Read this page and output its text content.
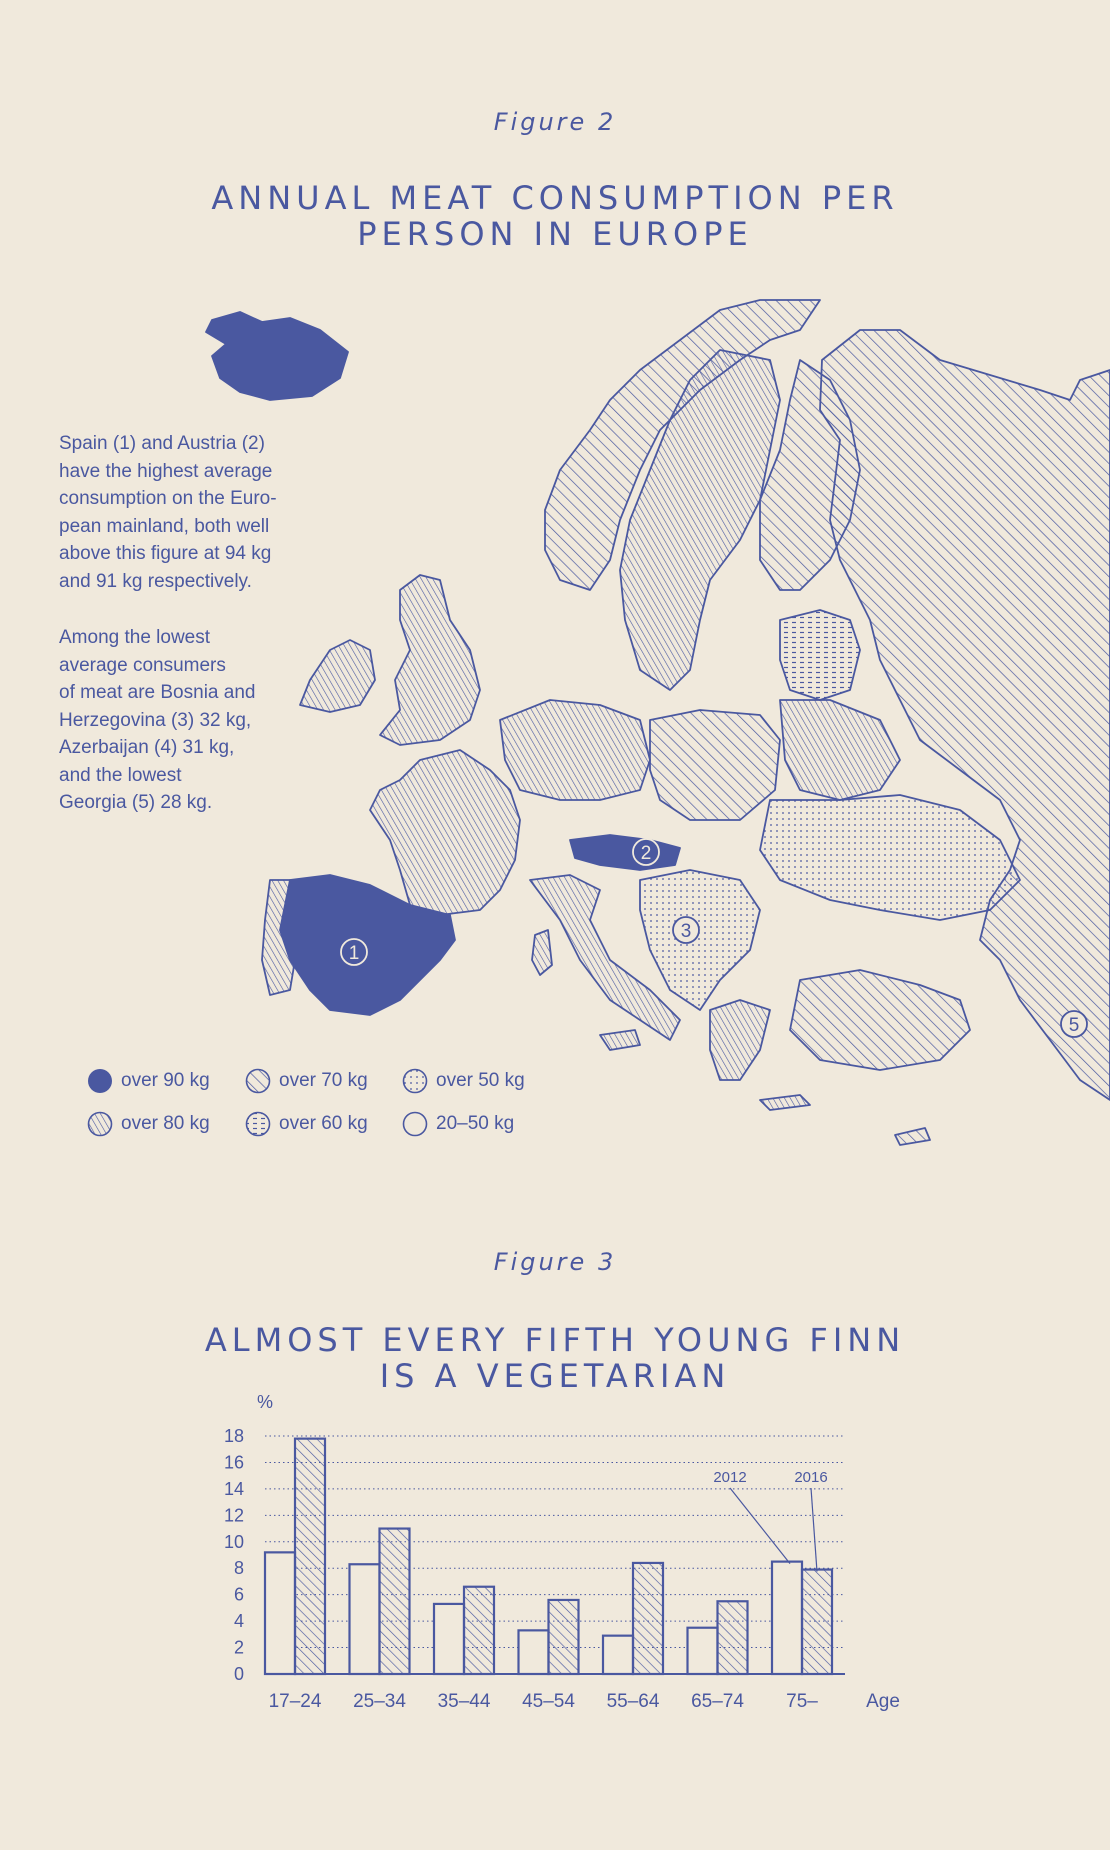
Figure 2
ANNUAL MEAT CONSUMPTION PER
PERSON IN EUROPE
1
2
3
5
Spain (1) and Austria (2)
have the highest average
consumption on the Euro-
pean mainland, both well
above this figure at 94 kg
and 91 kg respectively.
Among the lowest
average consumers
of meat are Bosnia and
Herzegovina (3) 32 kg,
Azerbaijan (4) 31 kg,
and the lowest
Georgia (5) 28 kg.
over 90 kg	over 70 kg	over 50 kg
over 80 kg	over 60 kg	20–50 kg
Figure 3
ALMOST EVERY FIFTH YOUNG FINN
IS A VEGETARIAN
%
0
2
4
6
8
10
12
14
16
18
17–24 25–34 35–44 45–54 55–64 65–74 75–	Age
2012	2016
